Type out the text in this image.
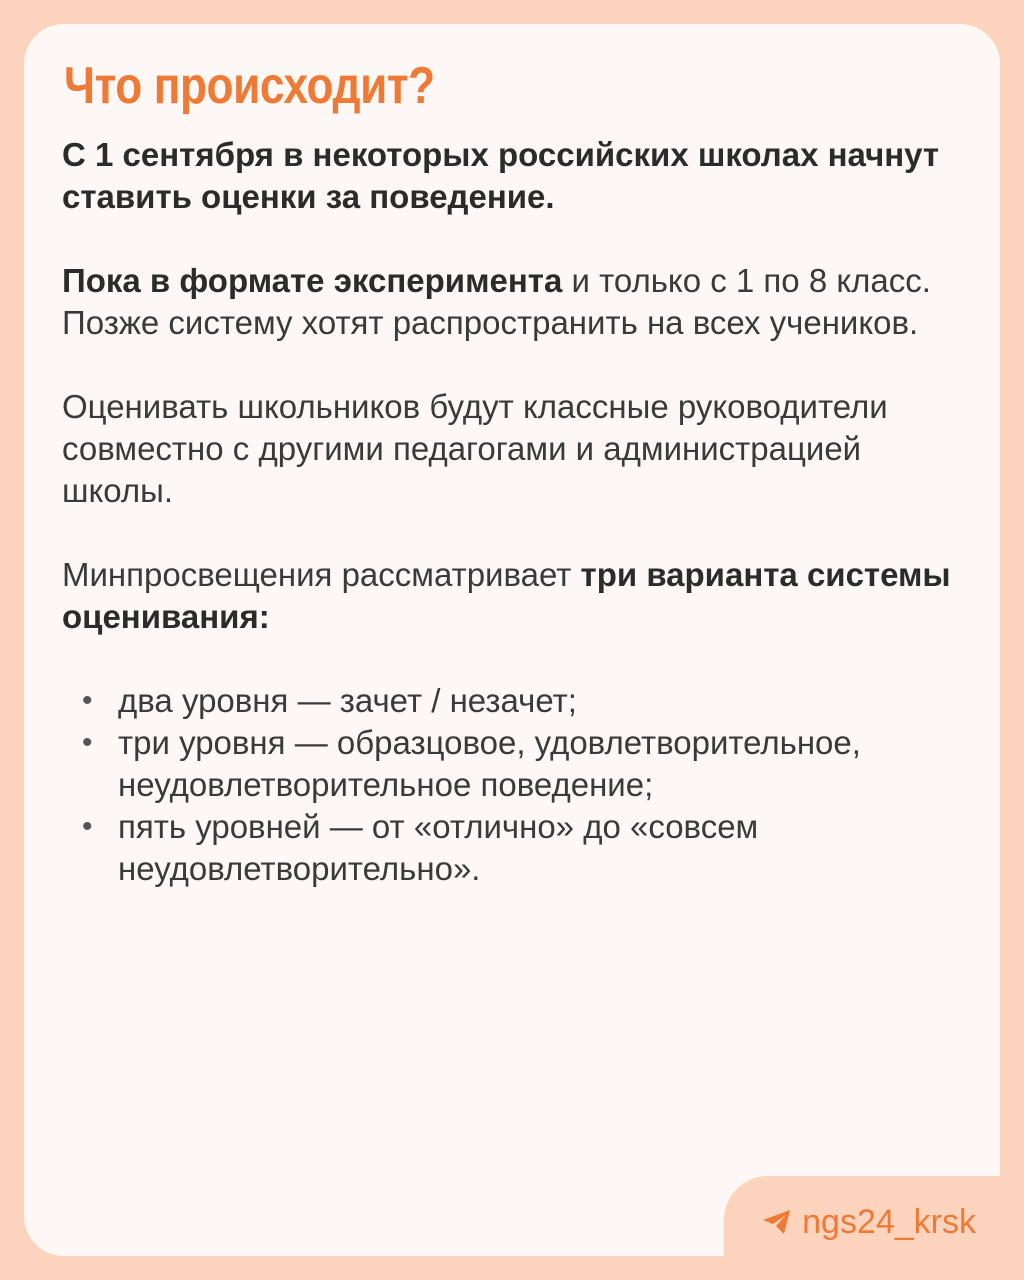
Что происходит?

С 1 сентября в некоторых российских школах начнут ставить оценки за поведение.

Пока в формате эксперимента и только с 1 по 8 класс. Позже систему хотят распространить на всех учеников.

Оценивать школьников будут классные руководители совместно с другими педагогами и администрацией школы.

Минпросвещения рассматривает три варианта системы оценивания:

• два уровня — зачет / незачет;
• три уровня — образцовое, удовлетворительное, неудовлетворительное поведение;
• пять уровней — от «отлично» до «совсем неудовлетворительно».
ngs24_krsk
